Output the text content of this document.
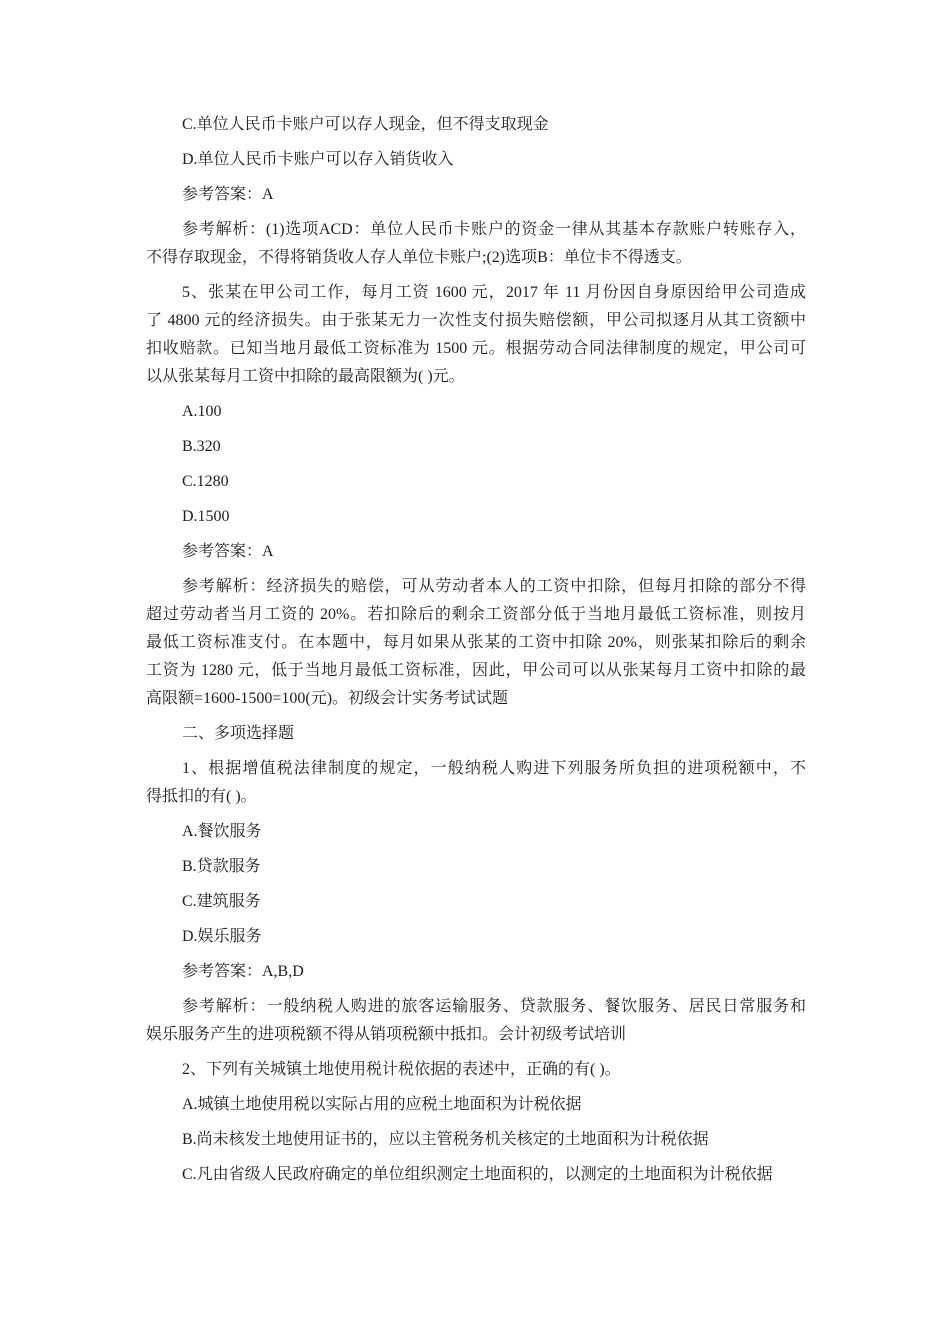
C.单位人民币卡账户可以存人现金，但不得支取现金
D.单位人民币卡账户可以存入销货收入
参考答案：A
参考解析：(1)选项ACD：单位人民币卡账户的资金一律从其基本存款账户转账存入，
不得存取现金，不得将销货收人存人单位卡账户;(2)选项B：单位卡不得透支。
5、张某在甲公司工作，每月工资 1600 元，2017 年 11 月份因自身原因给甲公司造成
了 4800 元的经济损失。由于张某无力一次性支付损失赔偿额，甲公司拟逐月从其工资额中
扣收赔款。已知当地月最低工资标准为 1500 元。根据劳动合同法律制度的规定，甲公司可
以从张某每月工资中扣除的最高限额为( )元。
A.100
B.320
C.1280
D.1500
参考答案：A
参考解析：经济损失的赔偿，可从劳动者本人的工资中扣除，但每月扣除的部分不得
超过劳动者当月工资的 20%。若扣除后的剩余工资部分低于当地月最低工资标准，则按月
最低工资标准支付。在本题中，每月如果从张某的工资中扣除 20%，则张某扣除后的剩余
工资为 1280 元，低于当地月最低工资标准，因此，甲公司可以从张某每月工资中扣除的最
高限额=1600-1500=100(元)。初级会计实务考试试题
二、多项选择题
1、根据增值税法律制度的规定，一般纳税人购进下列服务所负担的进项税额中，不
得抵扣的有( )。
A.餐饮服务
B.贷款服务
C.建筑服务
D.娱乐服务
参考答案：A,B,D
参考解析：一般纳税人购进的旅客运输服务、贷款服务、餐饮服务、居民日常服务和
娱乐服务产生的进项税额不得从销项税额中抵扣。会计初级考试培训
2、下列有关城镇土地使用税计税依据的表述中，正确的有( )。
A.城镇土地使用税以实际占用的应税土地面积为计税依据
B.尚未核发土地使用证书的，应以主管税务机关核定的土地面积为计税依据
C.凡由省级人民政府确定的单位组织测定土地面积的，以测定的土地面积为计税依据
